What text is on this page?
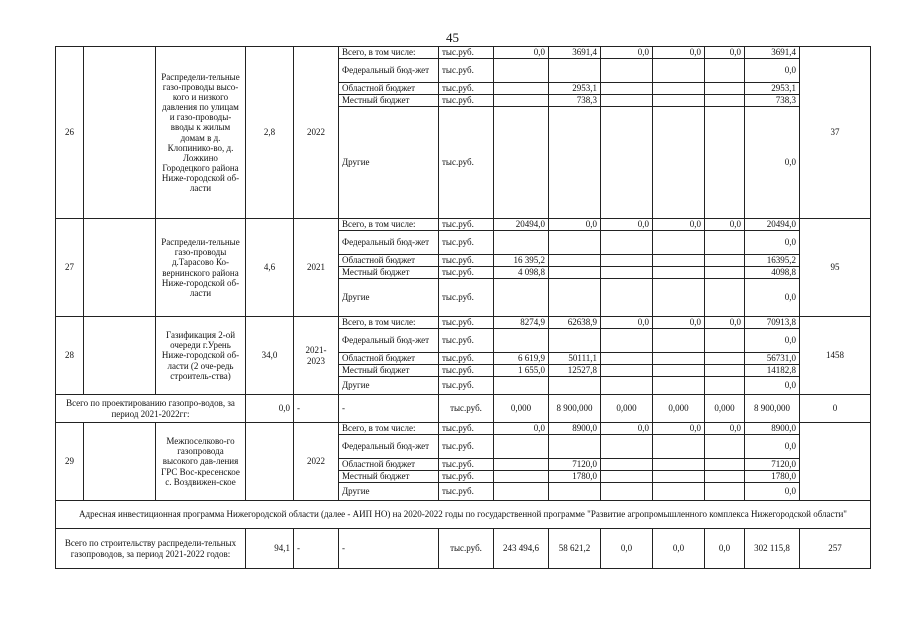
45
26		Распредели-тельные газо-проводы высо-кого и низкого давления по улицам и газо-проводы-вводы к жилым домам в д. Клопинико-во, д. Ложкино Городецкого района Ниже-городской об-ласти	2,8	2022	Всего, в том числе:	тыс.руб.	0,0	3691,4	0,0	0,0	0,0	3691,4	37
					Федеральный бюд-жет	тыс.руб.						0,0	
					Областной бюджет	тыс.руб.		2953,1				2953,1	
					Местный бюджет	тыс.руб.		738,3				738,3	
					Другие	тыс.руб.						0,0	
27		Распредели-тельные газо-проводы д.Тарасово Ко-вернинского района Ниже-городской об-ласти	4,6	2021	Всего, в том числе:	тыс.руб.	20494,0	0,0	0,0	0,0	0,0	20494,0	95
					Федеральный бюд-жет	тыс.руб.						0,0	
					Областной бюджет	тыс.руб.	16 395,2					16395,2	
					Местный бюджет	тыс.руб.	4 098,8					4098,8	
					Другие	тыс.руб.						0,0	
28		Газификация 2-ой очереди г.Урень Ниже-городской об-ласти (2 оче-редь строитель-ства)	34,0	2021-2023	Всего, в том числе:	тыс.руб.	8274,9	62638,9	0,0	0,0	0,0	70913,8	1458
					Федеральный бюд-жет	тыс.руб.						0,0	
					Областной бюджет	тыс.руб.	6 619,9	50111,1				56731,0	
					Местный бюджет	тыс.руб.	1 655,0	12527,8				14182,8	
					Другие	тыс.руб.						0,0	
Всего по проектированию газопро-водов, за период 2021-2022гг:			0,0	-	-	тыс.руб.	0,000	8 900,000	0,000	0,000	0,000	8 900,000	0
29		Межпоселково-го газопровода высокого дав-ления ГРС Вос-кресенское с. Воздвижен-ское		2022	Всего, в том числе:	тыс.руб.	0,0	8900,0	0,0	0,0	0,0	8900,0	
					Федеральный бюд-жет	тыс.руб.						0,0	
					Областной бюджет	тыс.руб.		7120,0				7120,0	
					Местный бюджет	тыс.руб.		1780,0				1780,0	
					Другие	тыс.руб.						0,0	
Адресная инвестиционная программа Нижегородской области (далее - АИП НО) на 2020-2022 годы по государственной программе "Развитие агропромышленного комплекса Нижегородской области"													
Всего по строительству распредели-тельных газопроводов, за период 2021-2022 годов:			94,1	-	-	тыс.руб.	243 494,6	58 621,2	0,0	0,0	0,0	302 115,8	257
